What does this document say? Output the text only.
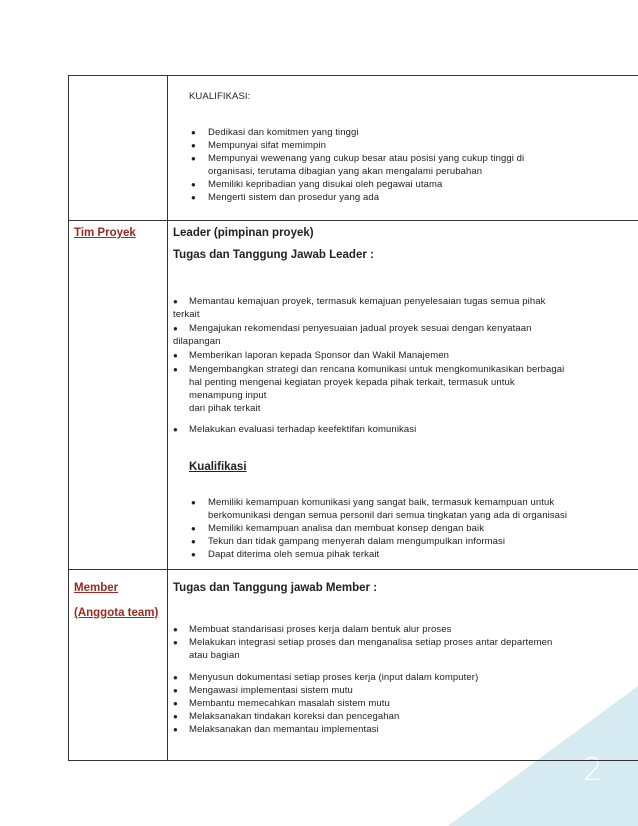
2
KUALIFIKASI:
● Dedikasi dan komitmen yang tinggi
● Mempunyai sifat memimpin
● Mempunyai wewenang yang cukup besar atau posisi yang cukup tinggi di
organisasi, terutama dibagian yang akan mengalami perubahan
● Memiliki kepribadian yang disukai oleh pegawai utama
● Mengerti sistem dan prosedur yang ada
Tim Proyek	Leader (pimpinan proyek)
Tugas dan Tanggung Jawab Leader :
● Memantau kemajuan proyek, termasuk kemajuan penyelesaian tugas semua pihak
terkait
● Mengajukan rekomendasi penyesuaian jadual proyek sesuai dengan kenyataan
dilapangan
● Memberikan laporan kepada Sponsor dan Wakil Manajemen
● Mengembangkan strategi dan rencana komunikasi untuk mengkomunikasikan berbagai
hal penting mengenai kegiatan proyek kepada pihak terkait, termasuk untuk
menampung input
dari pihak terkait
● Melakukan evaluasi terhadap keefektifan komunikasi
Kualifikasi
● Memiliki kemampuan komunikasi yang sangat baik, termasuk kemampuan untuk
berkomunikasi dengan semua personil dari semua tingkatan yang ada di organisasi
● Memiliki kemampuan analisa dan membuat konsep dengan baik
● Tekun dan tidak gampang menyerah dalam mengumpulkan informasi
● Dapat diterima oleh semua pihak terkait
Member
(Anggota team)
Tugas dan Tanggung jawab Member :
● Membuat standarisasi proses kerja dalam bentuk alur proses
● Melakukan integrasi setiap proses dan menganalisa setiap proses antar departemen
atau bagian
● Menyusun dokumentasi setiap proses kerja (input dalam komputer)
● Mengawasi implementasi sistem mutu
● Membantu memecahkan masalah sistem mutu
● Melaksanakan tindakan koreksi dan pencegahan
● Melaksanakan dan memantau implementasi
